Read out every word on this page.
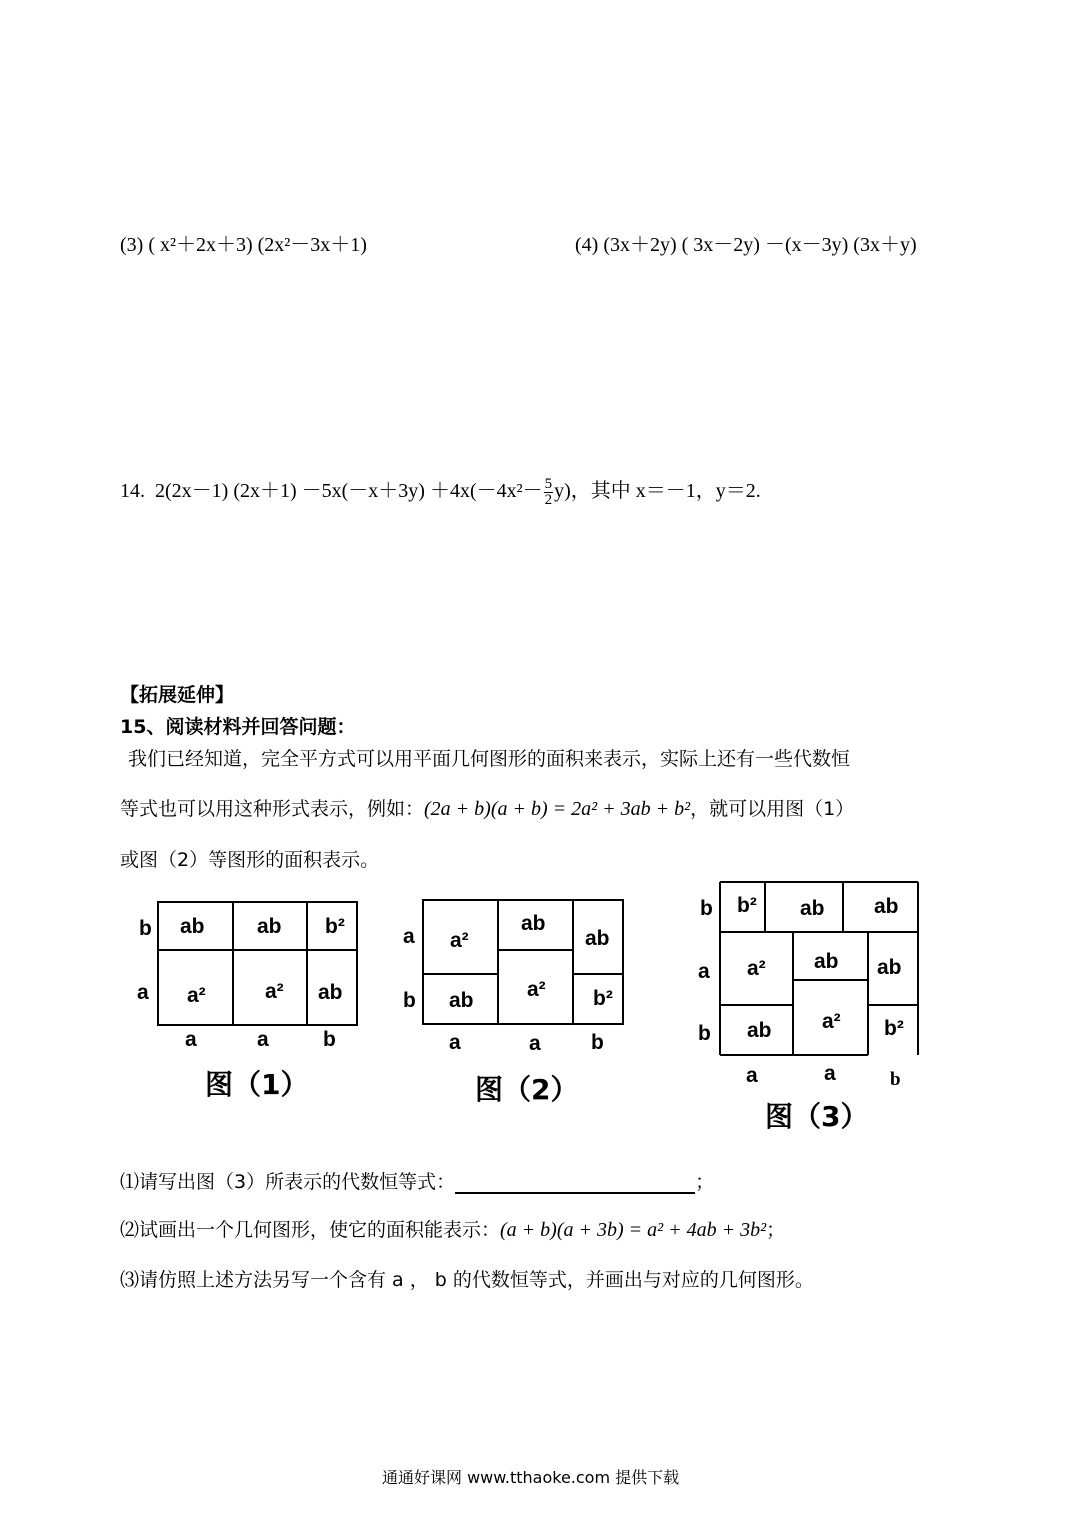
(3) ( x²＋2x＋3) (2x²－3x＋1)	(4) (3x＋2y) ( 3x－2y) －(x－3y) (3x＋y)
14. 2(2x－1) $(2x+1) -5x(-x+3y) +4x(-4x^2- \frac{5}{2} y)$，其中 x＝－1，y＝2.
【拓展延伸】
15、阅读材料并回答问题：
我们已经知道，完全平方式可以用平面几何图形的面积来表示，实际上还有一些代数恒
等式也可以用这种形式表示，例如：(2a + b)(a + b) = 2a² + 3ab + b²，就可以用图（1）
或图（2）等图形的面积表示。
b
a
ab ab b²
a²	a² ab
a	a	b
图（1）
a
b
a²
ab
ab
ab	a² b²
a	a b
图（2）
b
a
b
b² ab ab
a² ab ab
a²
ab	b²
a	a	b
图（3）
⑴请写出图（3）所表示的代数恒等式：	；
⑵试画出一个几何图形，使它的面积能表示：(a + b)(a + 3b) = a² + 4ab + 3b²；
⑶请仿照上述方法另写一个含有 a ， b 的代数恒等式，并画出与对应的几何图形。
通通好课网 www.tthaoke.com 提供下载
